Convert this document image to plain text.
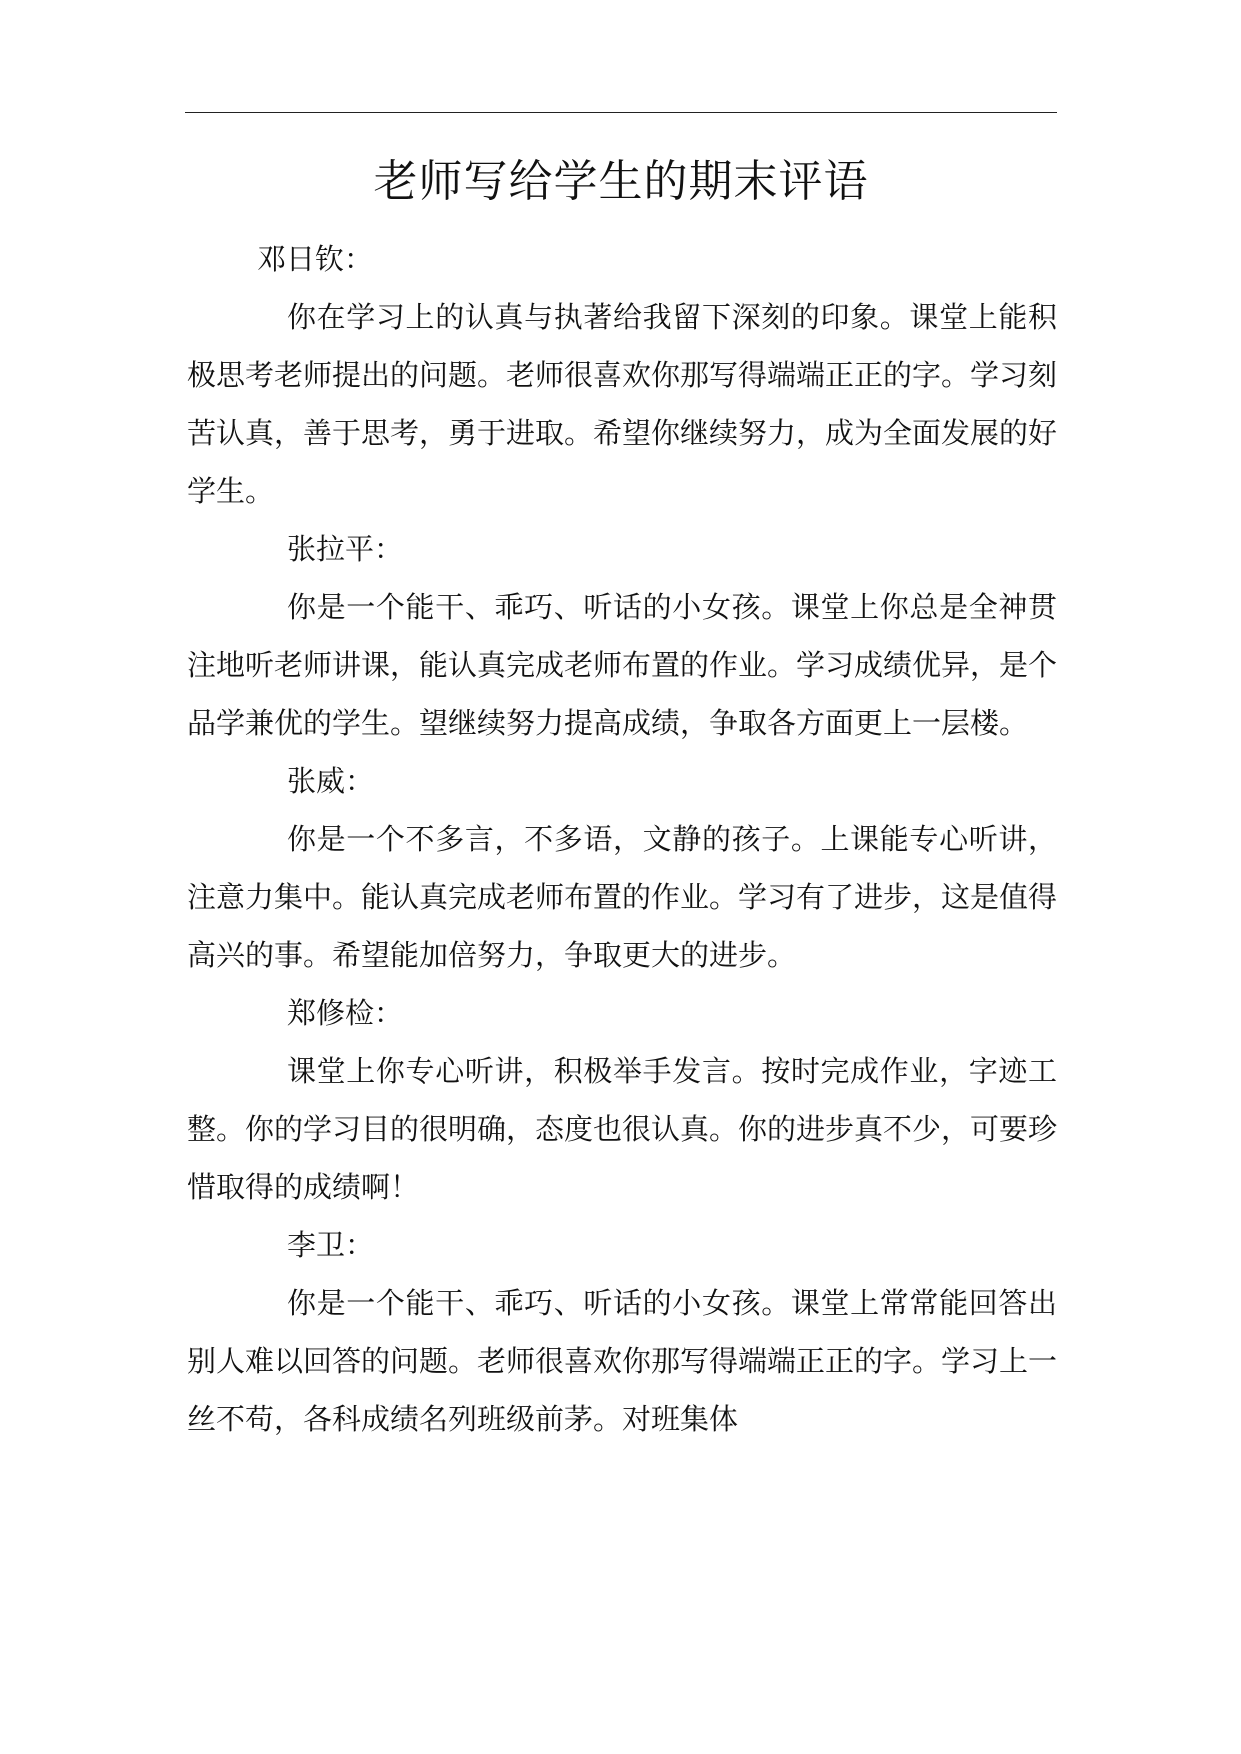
老师写给学生的期末评语

邓日钦：

你在学习上的认真与执著给我留下深刻的印象。课堂上能积极思考老师提出的问题。老师很喜欢你那写得端端正正的字。学习刻苦认真，善于思考，勇于进取。希望你继续努力，成为全面发展的好学生。

张拉平：

你是一个能干、乖巧、听话的小女孩。课堂上你总是全神贯注地听老师讲课，能认真完成老师布置的作业。学习成绩优异，是个品学兼优的学生。望继续努力提高成绩，争取各方面更上一层楼。

张威：

你是一个不多言，不多语，文静的孩子。上课能专心听讲，注意力集中。能认真完成老师布置的作业。学习有了进步，这是值得高兴的事。希望能加倍努力，争取更大的进步。

郑修检：

课堂上你专心听讲，积极举手发言。按时完成作业，字迹工整。你的学习目的很明确，态度也很认真。你的进步真不少，可要珍惜取得的成绩啊！

李卫：

你是一个能干、乖巧、听话的小女孩。课堂上常常能回答出别人难以回答的问题。老师很喜欢你那写得端端正正的字。学习上一丝不苟，各科成绩名列班级前茅。对班集体
